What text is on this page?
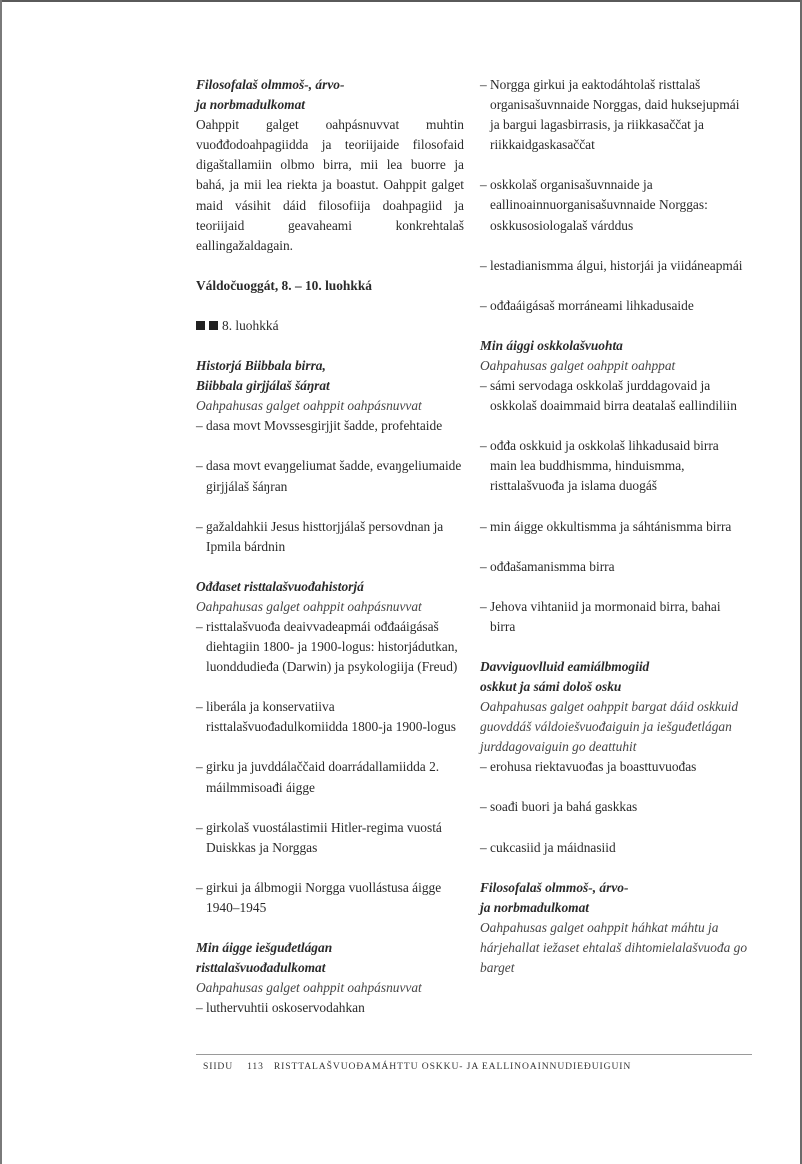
Filosofalaš olmmoš-, árvo-
ja norbmadulkomat
Oahppit galget oahpásnuvvat muhtin vuođđodoahpagiidda ja teoriijaide filosofaid digaštallamiin olbmo birra, mii lea buorre ja bahá, ja mii lea riekta ja boastut. Oahppit galget maid vásihit dáid filosofiija doahpagiid ja teoriijaid geavaheami konkrehtalaš eallingažaldagain.
Váldočuoggát, 8. – 10. luohkká
8. luohkká
Historjá Biibbala birra,
Biibbala girjjálaš šáŋrat
Oahpahusas galget oahppit oahpásnuvvat
– dasa movt Movssesgirjjit šadde, profehtaide
– dasa movt evaŋgeliumat šadde, evaŋgeliumaide girjjálaš šáŋran
– gažaldahkii Jesus histtorjjálaš persovdnan ja Ipmila bárdnin
Ođđaset risttalašvuođahistorjá
Oahpahusas galget oahppit oahpásnuvvat
– risttalašvuođa deaivvadeapmái ođđaáigásaš diehtagiin 1800- ja 1900-logus: historjádutkan, luonddudieđa (Darwin) ja psykologiija (Freud)
– liberála ja konservatiiva risttalašvuođadulkomiidda 1800-ja 1900-logus
– girku ja juvddálaččaid doarrádallamiidda 2. máilmmisoađi áigge
– girkolaš vuostálastimii Hitler-regima vuostá Duiskkas ja Norggas
– girkui ja álbmogii Norgga vuollástusa áigge 1940–1945
Min áigge iešguđetlágan
risttalašvuođadulkomat
Oahpahusas galget oahppit oahpásnuvvat
– luthervuhtii oskoservodahkan
– Norgga girkui ja eaktodáhtolaš risttalaš organisašuvnnaide Norggas, daid huksejupmái ja bargui lagasbirrasis, ja riikkasaččat ja riikkaidgaskasaččat
– oskkolaš organisašuvnnaide ja eallinoainnuorganisašuvnnaide Norggas: oskkusosiologalaš várddus
– lestadianismma álgui, historjái ja viidáneapmái
– ođđaáigásaš morráneami lihkadusaide
Min áiggi oskkolašvuohta
Oahpahusas galget oahppit oahppat
– sámi servodaga oskkolaš jurddagovaid ja oskkolaš doaimmaid birra deatalaš eallindiliin
– ođđa oskkuid ja oskkolaš lihkadusaid birra main lea buddhismma, hinduismma, risttalašvuođa ja islama duogáš
– min áigge okkultismma ja sáhtánismma birra
– ođđašamanismma birra
– Jehova vihtaniid ja mormonaid birra, bahai birra
Davviguovlluid eamiálbmogiid
oskkut ja sámi dološ osku
Oahpahusas galget oahppit bargat dáid oskkuid guovddáš váldoiešvuođaiguin ja iešguđetlágan jurddagovaiguin go deattuhit
– erohusa riektavuođas ja boasttuvuođas
– soađi buori ja bahá gaskkas
– cukcasiid ja máidnasiid
Filosofalaš olmmoš-, árvo-
ja norbmadulkomat
Oahpahusas galget oahppit háhkat máhtu ja hárjehallat iežaset ehtalaš dihtomielalašvuođa go barget
SIIDU 113 RISTTALAŠVUOĐAMÁHTTU OSKKU- JA EALLINOAINNUDIEĐUIGUIN
